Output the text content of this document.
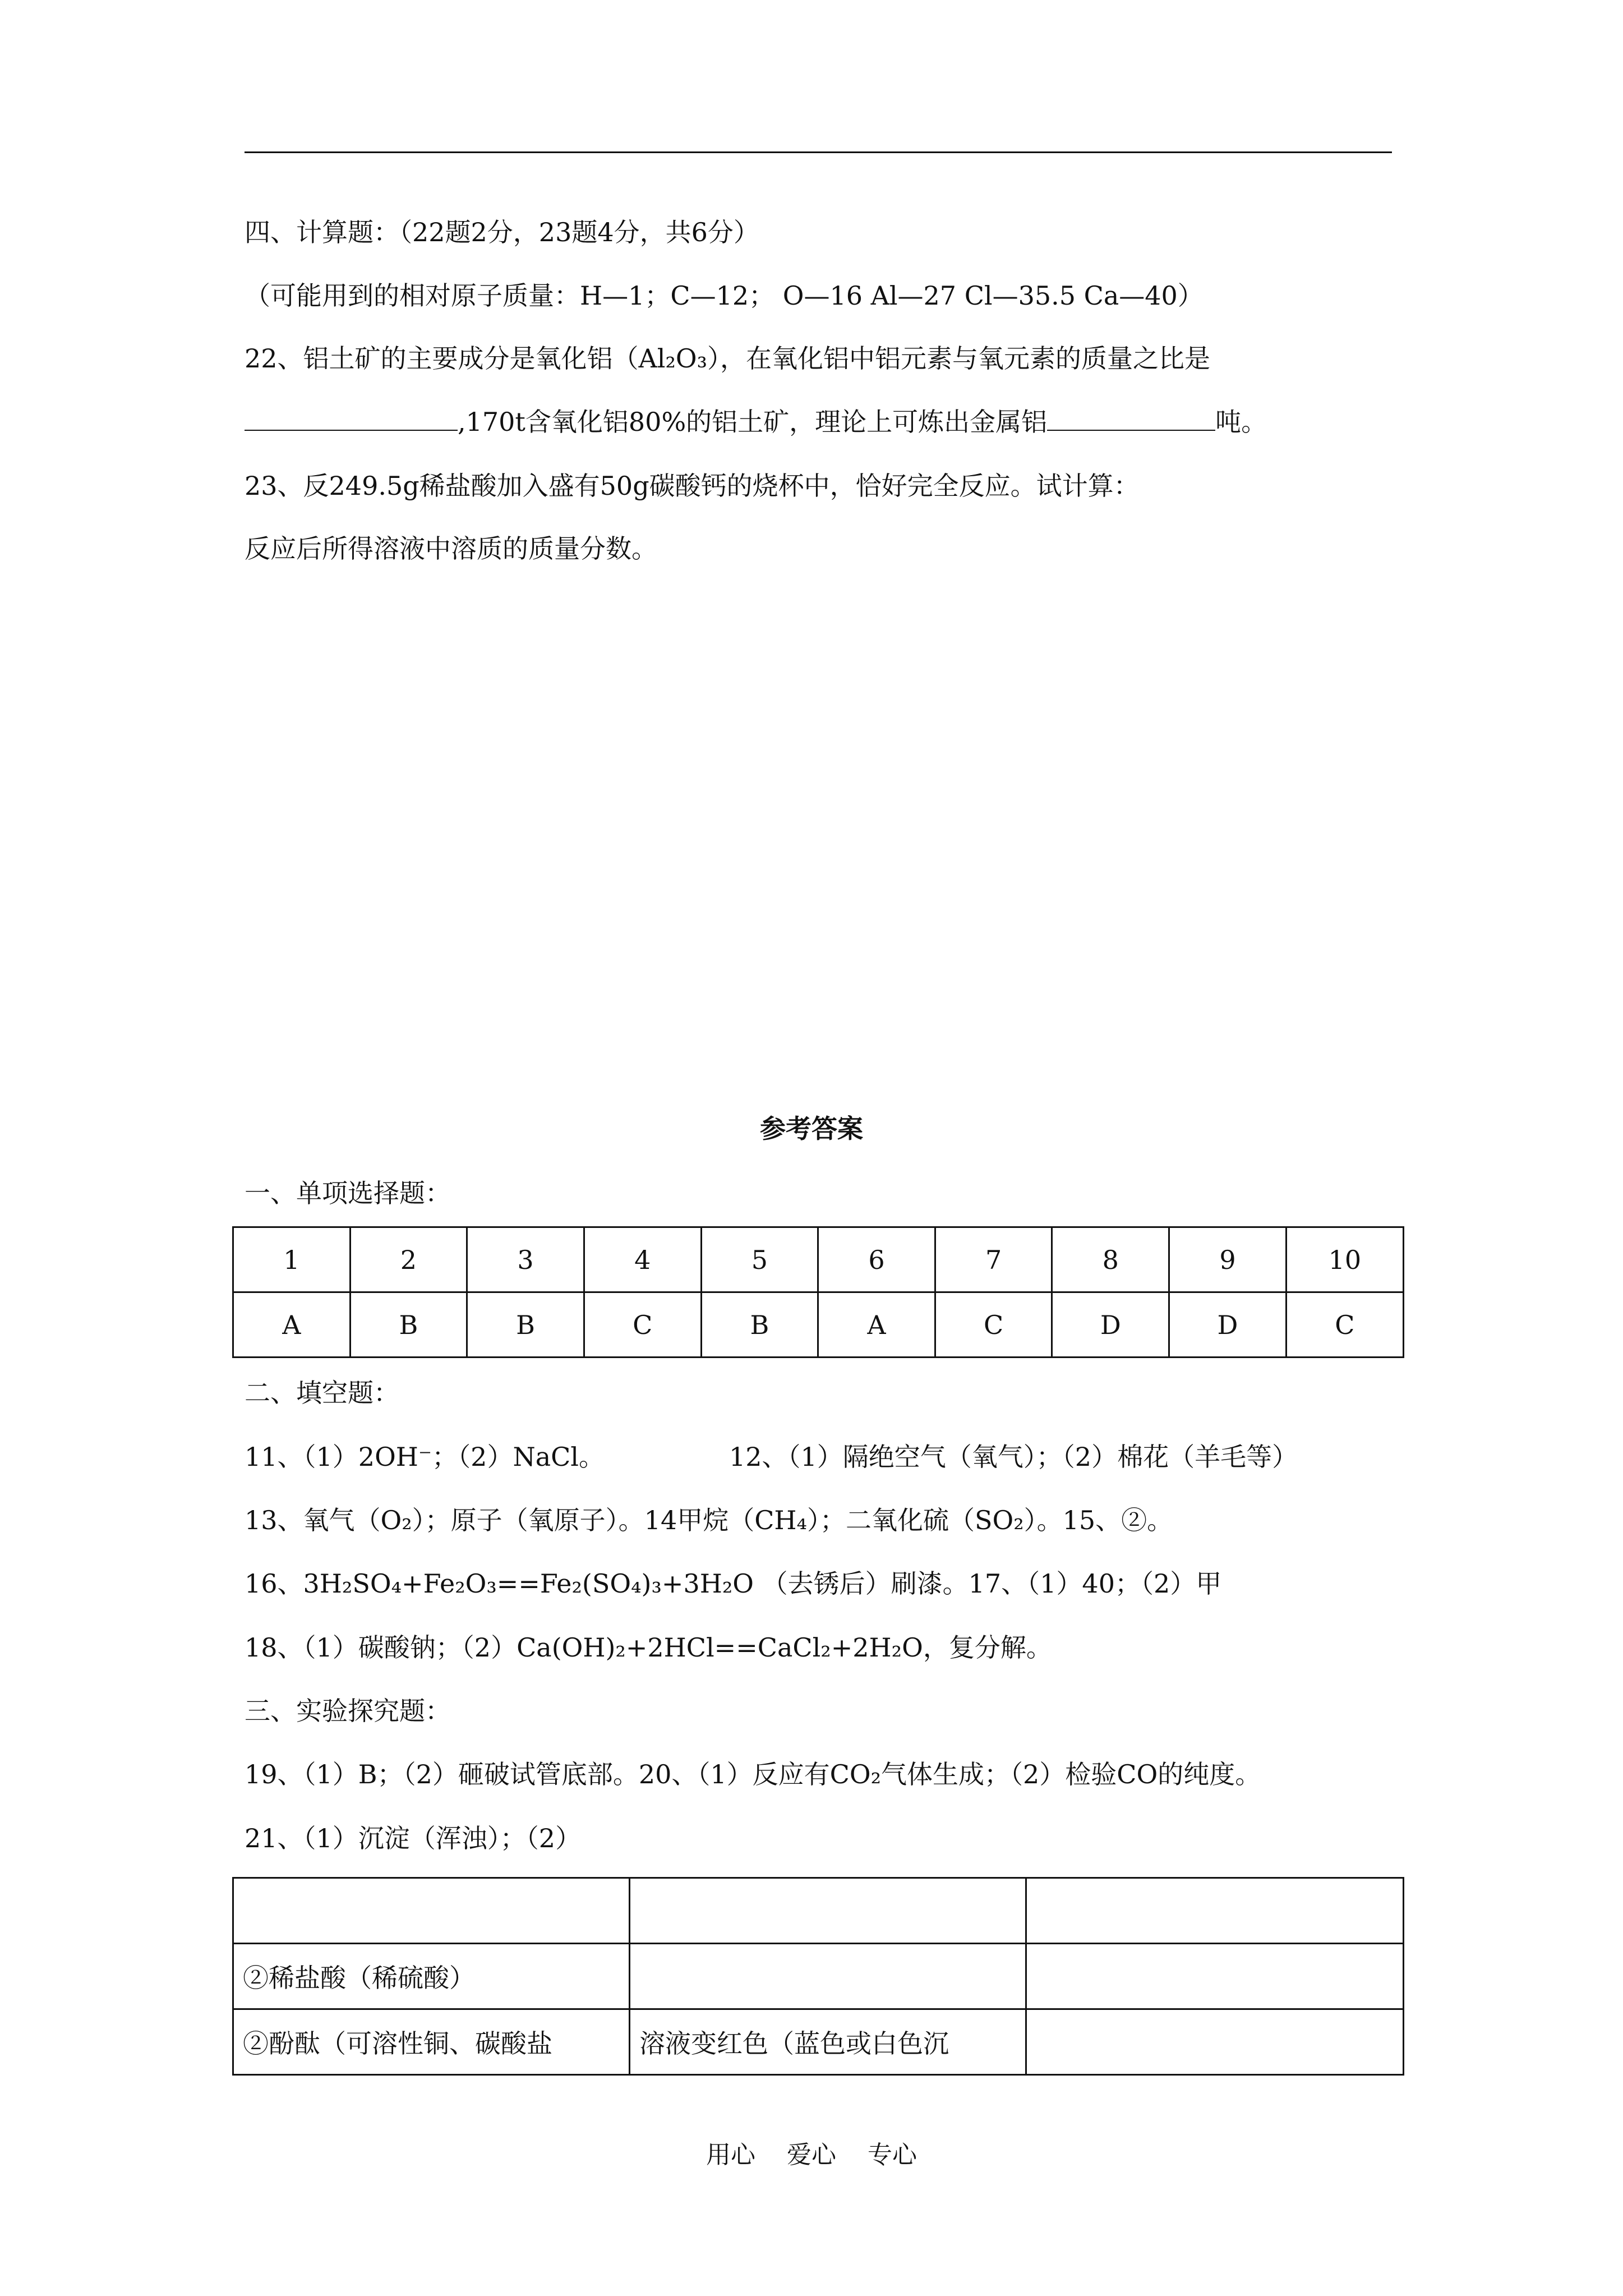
四、计算题：（22题2分，23题4分，共6分）
（可能用到的相对原子质量：H—1；C—12； O—16 Al—27 Cl—35.5 Ca—40）
22、铝土矿的主要成分是氧化铝（Al₂O₃），在氧化铝中铝元素与氧元素的质量之比是
,170t含氧化铝80%的铝土矿，理论上可炼出金属铝	吨。
23、反249.5g稀盐酸加入盛有50g碳酸钙的烧杯中，恰好完全反应。试计算：
反应后所得溶液中溶质的质量分数。
参考答案
一、单项选择题：
1	2	3	4	5	6	7	8	9	10
A	B	B	C	B	A	C	D	D	C
二、填空题：
11、（1）2OH⁻；（2）NaCl。	12、（1）隔绝空气（氧气）；（2）棉花（羊毛等）
13、氧气（O₂）；原子（氧原子）。14甲烷（CH₄）；二氧化硫（SO₂）。15、②。
16、3H₂SO₄+Fe₂O₃==Fe₂(SO₄)₃+3H₂O （去锈后）刷漆。17、（1）40；（2）甲
18、（1）碳酸钠；（2）Ca(OH)₂+2HCl==CaCl₂+2H₂O，复分解。
三、实验探究题：
19、（1）B；（2）砸破试管底部。20、（1）反应有CO₂气体生成；（2）检验CO的纯度。
21、（1）沉淀（浑浊）；（2）

②稀盐酸（稀硫酸）		
②酚酞（可溶性铜、碳酸盐	溶液变红色（蓝色或白色沉	
用心 爱心 专心
